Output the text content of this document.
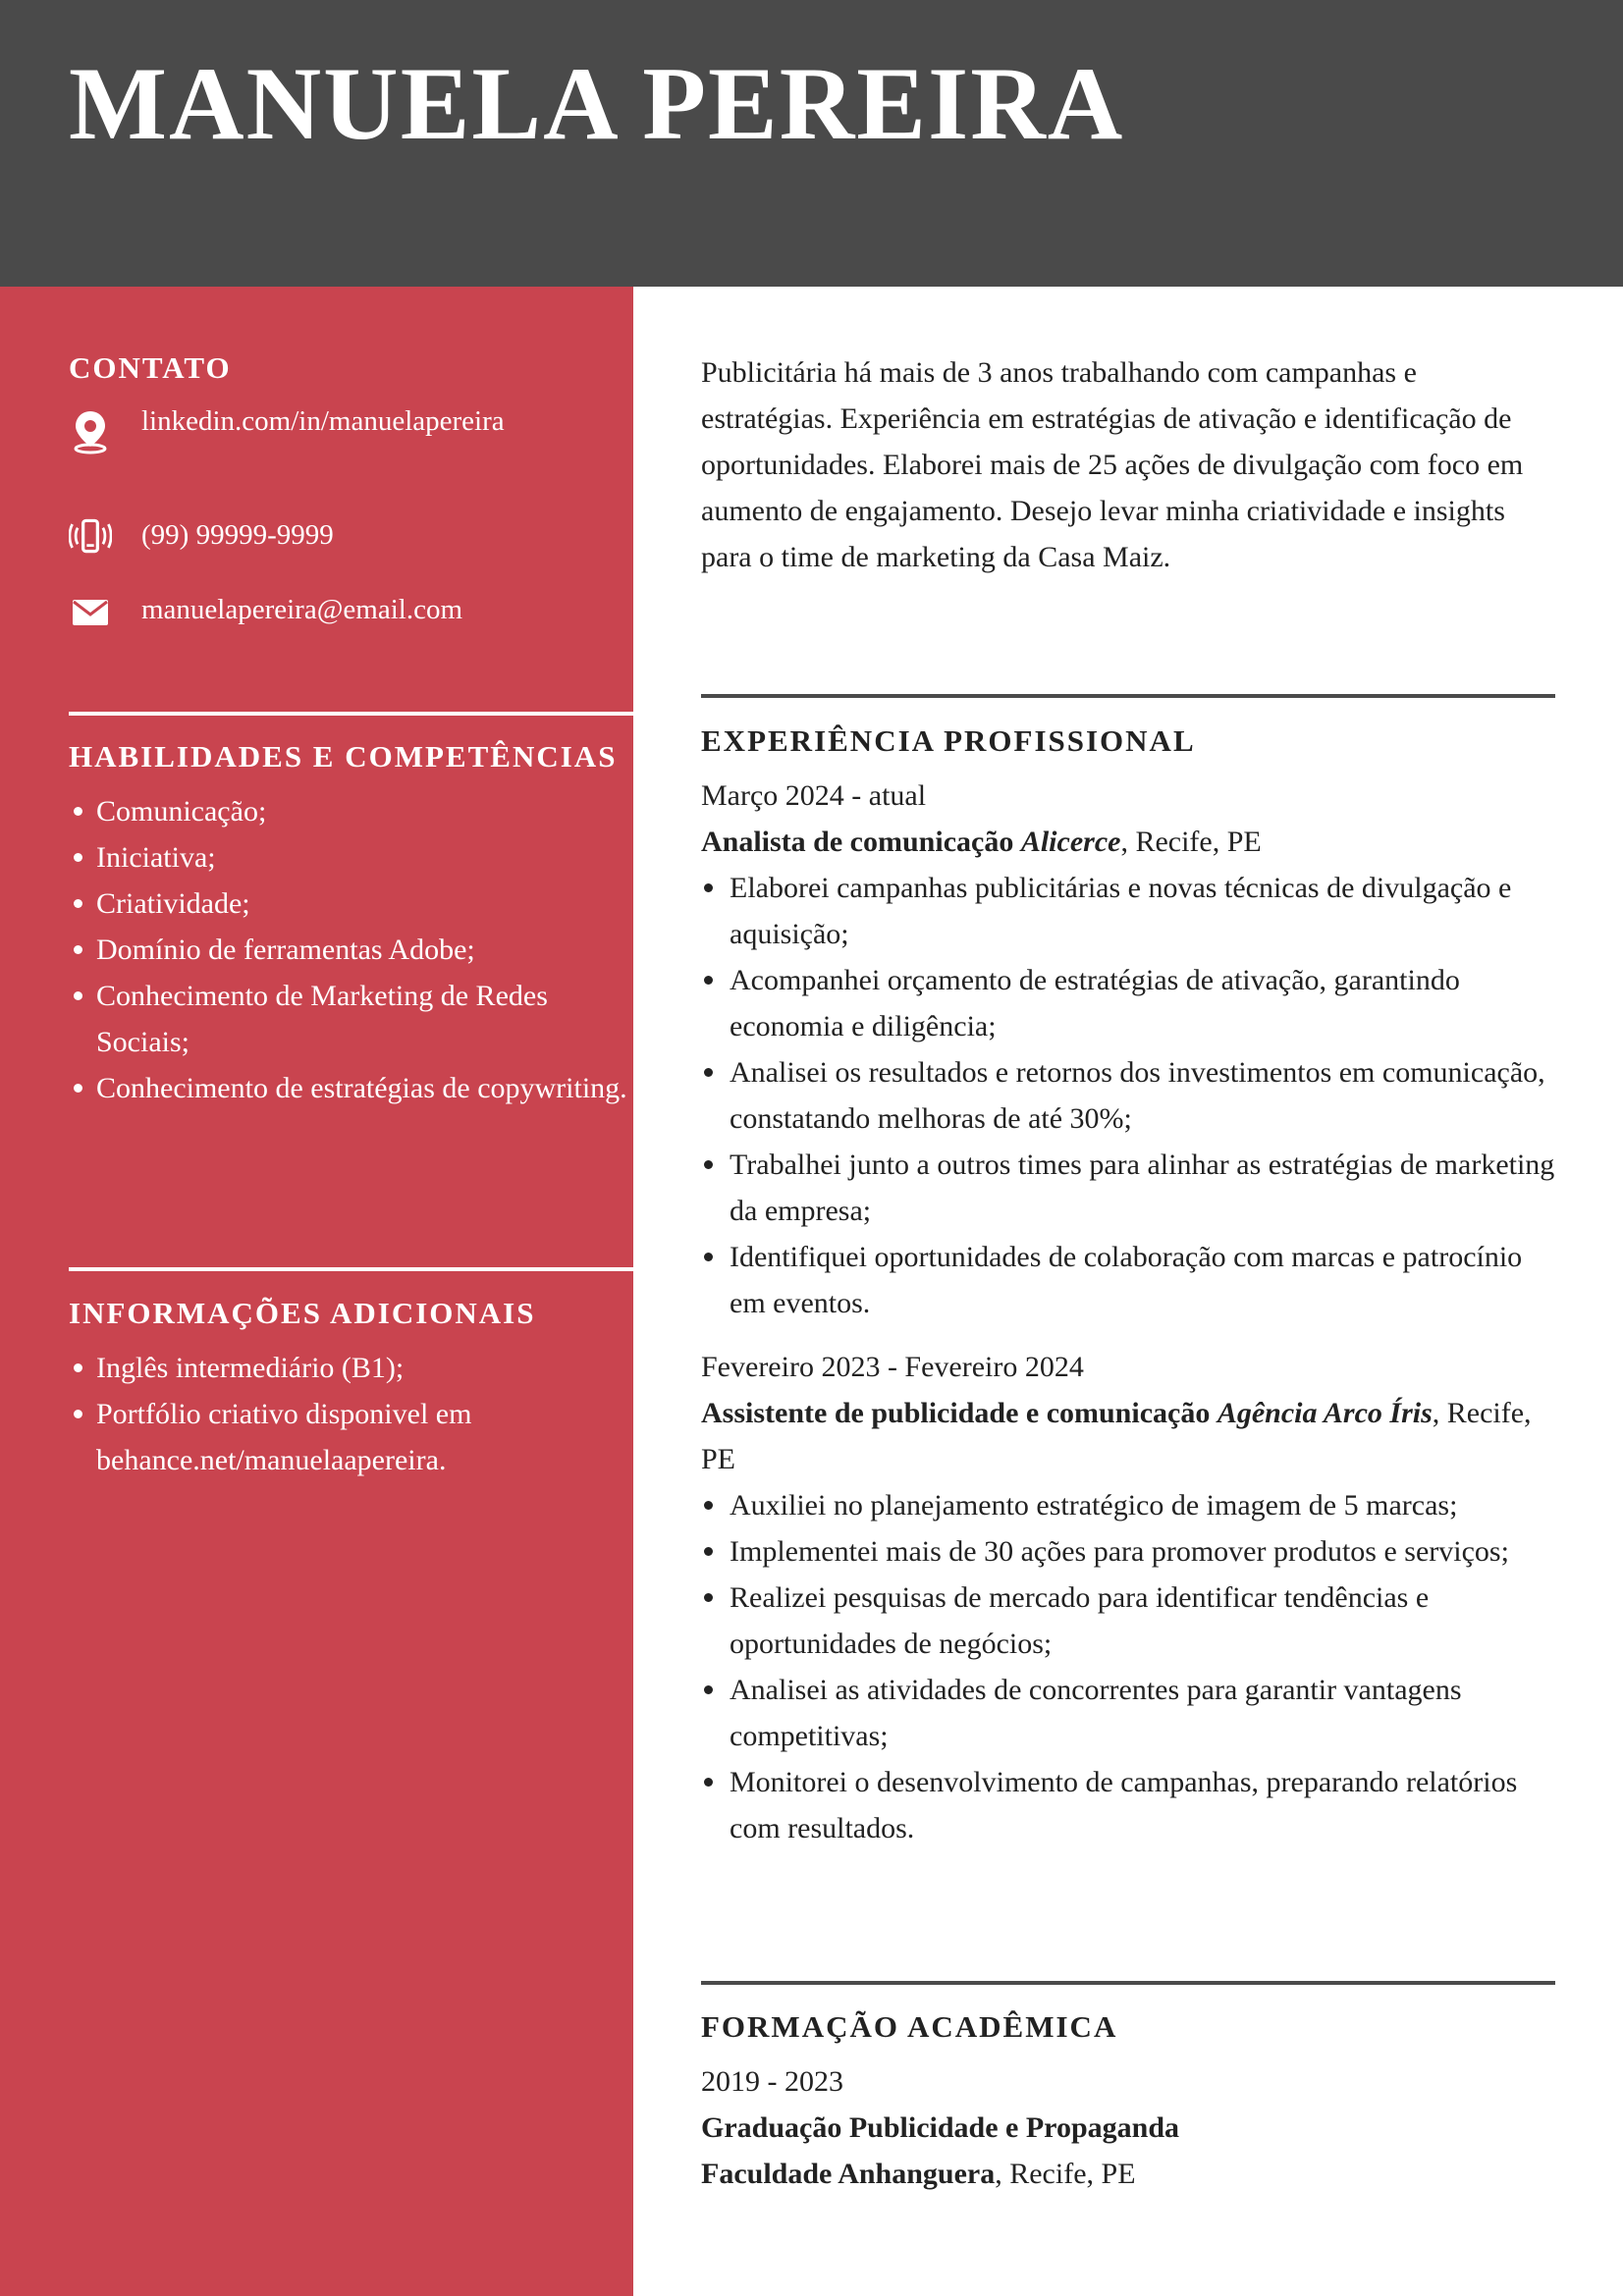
MANUELA PEREIRA
CONTATO
linkedin.com/in/manuelapereira
(99) 99999-9999
manuelapereira@email.com
HABILIDADES E COMPETÊNCIAS
Comunicação;
Iniciativa;
Criatividade;
Domínio de ferramentas Adobe;
Conhecimento de Marketing de Redes Sociais;
Conhecimento de estratégias de copywriting.
INFORMAÇÕES ADICIONAIS
Inglês intermediário (B1);
Portfólio criativo disponivel em behance.net/manuelaapereira.

Publicitária há mais de 3 anos trabalhando com campanhas e estratégias. Experiência em estratégias de ativação e identificação de oportunidades. Elaborei mais de 25 ações de divulgação com foco em aumento de engajamento. Desejo levar minha criatividade e insights para o time de marketing da Casa Maiz.

EXPERIÊNCIA PROFISSIONAL

Março 2024 - atual

Analista de comunicação Alicerce, Recife, PE

Elaborei campanhas publicitárias e novas técnicas de divulgação e aquisição;
Acompanhei orçamento de estratégias de ativação, garantindo economia e diligência;
Analisei os resultados e retornos dos investimentos em comunicação, constatando melhoras de até 30%;
Trabalhei junto a outros times para alinhar as estratégias de marketing da empresa;
Identifiquei oportunidades de colaboração com marcas e patrocínio em eventos.

Fevereiro 2023 - Fevereiro 2024

Assistente de publicidade e comunicação Agência Arco Íris, Recife, PE

Auxiliei no planejamento estratégico de imagem de 5 marcas;
Implementei mais de 30 ações para promover produtos e serviços;
Realizei pesquisas de mercado para identificar tendências e oportunidades de negócios;
Analisei as atividades de concorrentes para garantir vantagens competitivas;
Monitorei o desenvolvimento de campanhas, preparando relatórios com resultados.
FORMAÇÃO ACADÊMICA

2019 - 2023

Graduação Publicidade e Propaganda

Faculdade Anhanguera, Recife, PE
